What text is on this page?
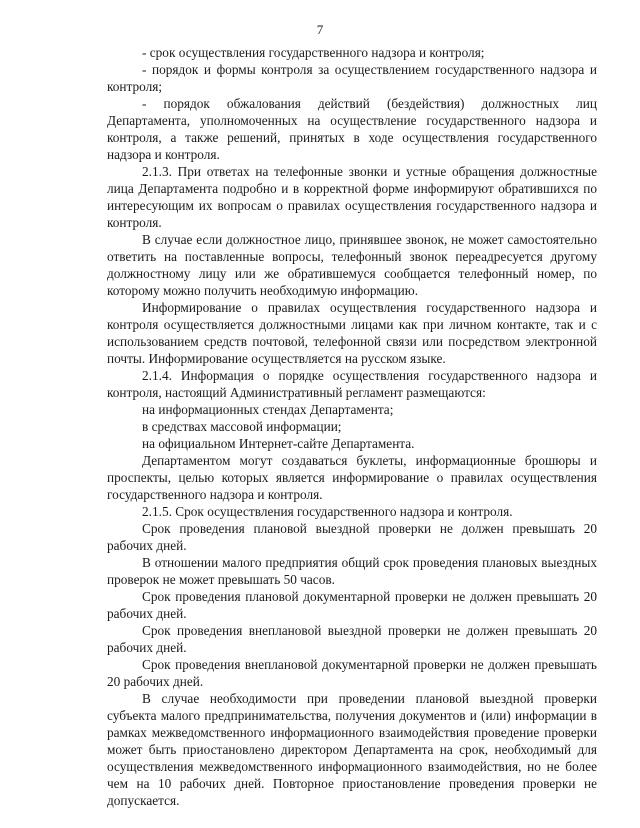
7

- срок осуществления государственного надзора и контроля;

- порядок и формы контроля за осуществлением государственного надзора и контроля;

- порядок обжалования действий (бездействия) должностных лиц Департамента, уполномоченных на осуществление государственного надзора и контроля, а также решений, принятых в ходе осуществления государственного надзора и контроля.

2.1.3. При ответах на телефонные звонки и устные обращения должностные лица Департамента подробно и в корректной форме информируют обратившихся по интересующим их вопросам о правилах осуществления государственного надзора и контроля.

В случае если должностное лицо, принявшее звонок, не может самостоятельно ответить на поставленные вопросы, телефонный звонок переадресуется другому должностному лицу или же обратившемуся сообщается телефонный номер, по которому можно получить необходимую информацию.

Информирование о правилах осуществления государственного надзора и контроля осуществляется должностными лицами как при личном контакте, так и с использованием средств почтовой, телефонной связи или посредством электронной почты. Информирование осуществляется на русском языке.

2.1.4. Информация о порядке осуществления государственного надзора и контроля, настоящий Административный регламент размещаются:

на информационных стендах Департамента;

в средствах массовой информации;

на официальном Интернет-сайте Департамента.

Департаментом могут создаваться буклеты, информационные брошюры и проспекты, целью которых является информирование о правилах осуществления государственного надзора и контроля.

2.1.5. Срок осуществления государственного надзора и контроля.

Срок проведения плановой выездной проверки не должен превышать 20 рабочих дней.

В отношении малого предприятия общий срок проведения плановых выездных проверок не может превышать 50 часов.

Срок проведения плановой документарной проверки не должен превышать 20 рабочих дней.

Срок проведения внеплановой выездной проверки не должен превышать 20 рабочих дней.

Срок проведения внеплановой документарной проверки не должен превышать 20 рабочих дней.

В случае необходимости при проведении плановой выездной проверки субъекта малого предпринимательства, получения документов и (или) информации в рамках межведомственного информационного взаимодействия проведение проверки может быть приостановлено директором Департамента на срок, необходимый для осуществления межведомственного информационного взаимодействия, но не более чем на 10 рабочих дней. Повторное приостановление проведения проверки не допускается.
